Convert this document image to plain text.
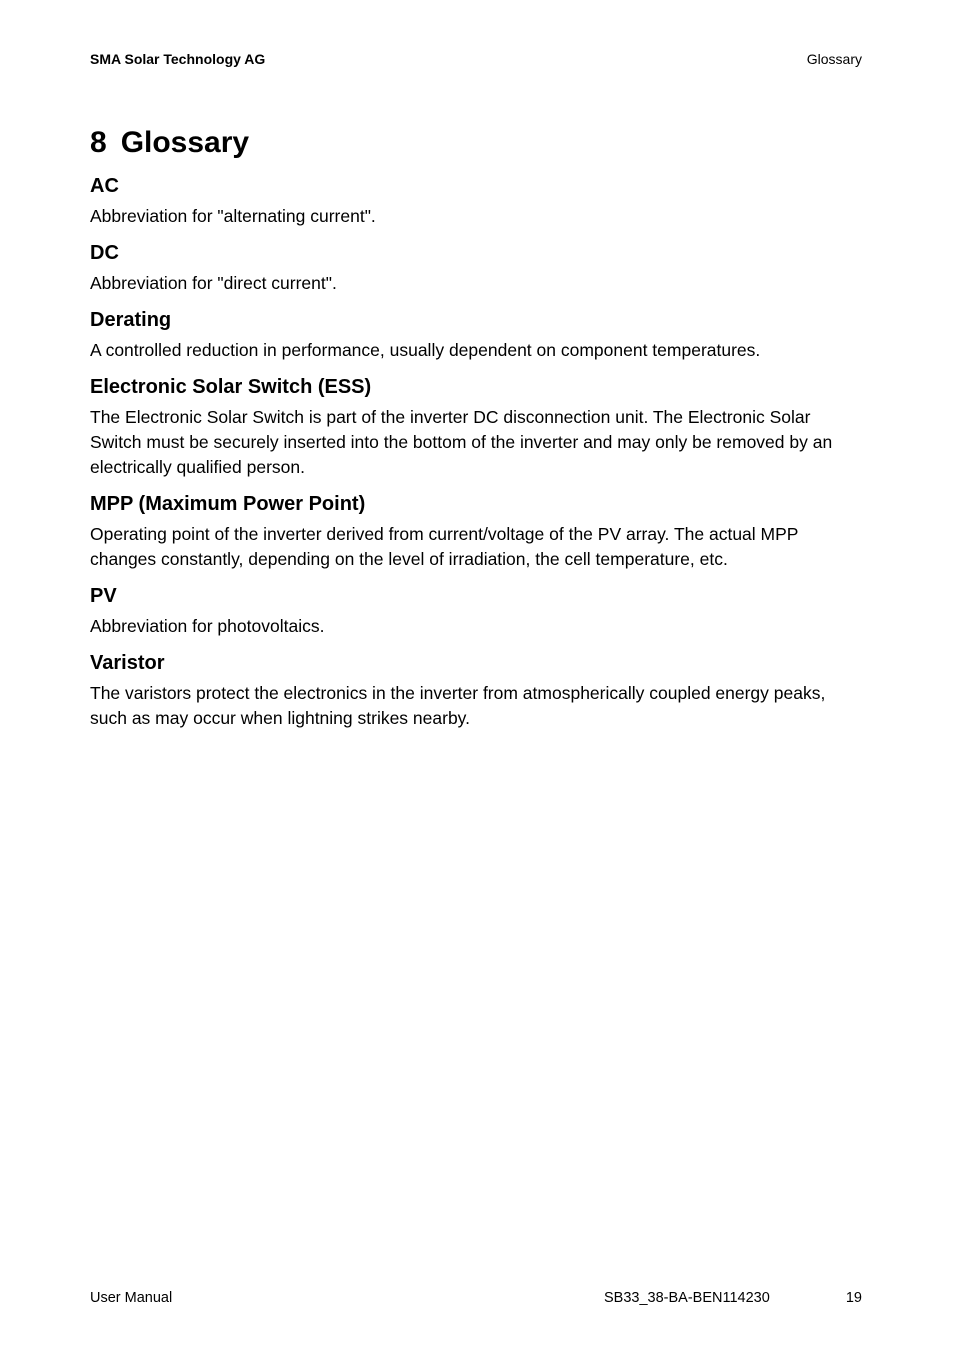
SMA Solar Technology AG	Glossary
8 Glossary
AC

Abbreviation for "alternating current".

DC

Abbreviation for "direct current".

Derating

A controlled reduction in performance, usually dependent on component temperatures.

Electronic Solar Switch (ESS)

The Electronic Solar Switch is part of the inverter DC disconnection unit. The Electronic Solar Switch must be securely inserted into the bottom of the inverter and may only be removed by an electrically qualified person.

MPP (Maximum Power Point)

Operating point of the inverter derived from current/voltage of the PV array. The actual MPP changes constantly, depending on the level of irradiation, the cell temperature, etc.

PV

Abbreviation for photovoltaics.

Varistor

The varistors protect the electronics in the inverter from atmospherically coupled energy peaks, such as may occur when lightning strikes nearby.

User Manual	SB33_38-BA-BEN114230	19
